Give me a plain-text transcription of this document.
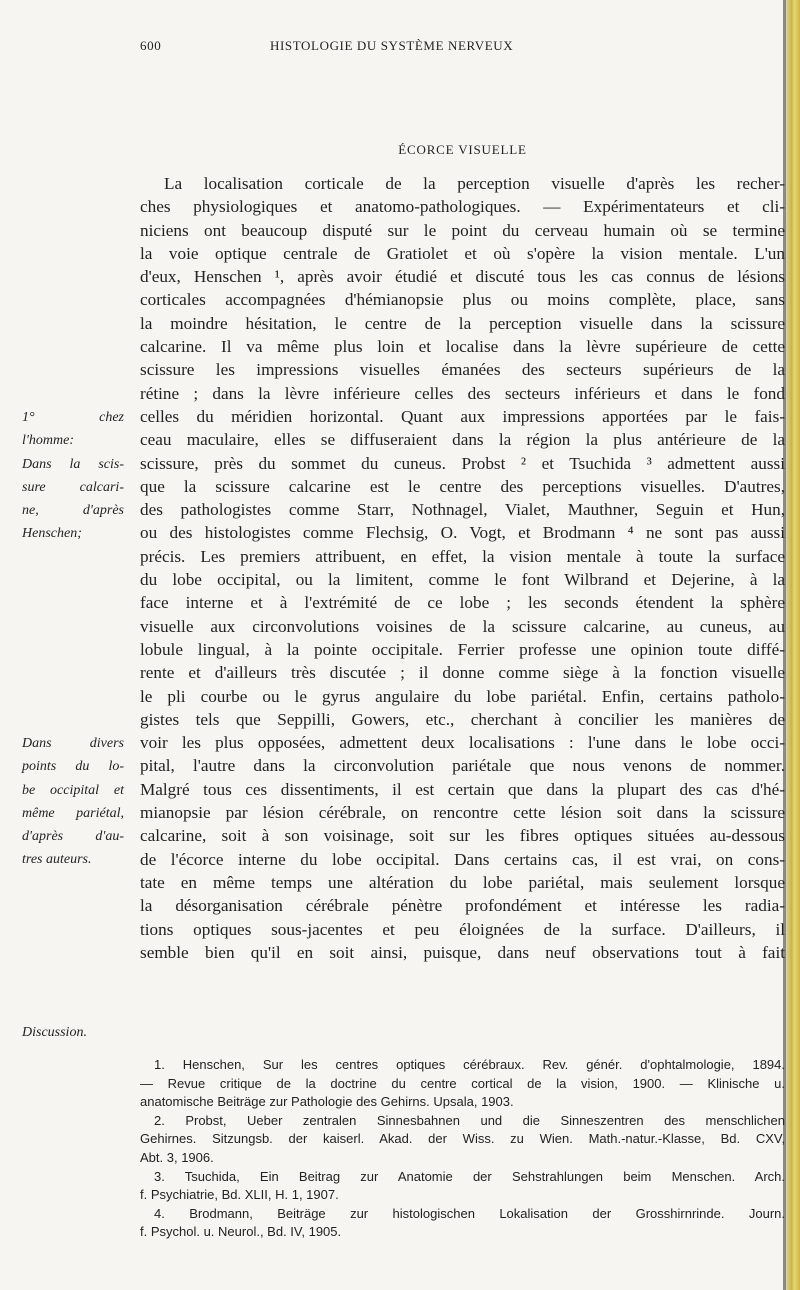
600	HISTOLOGIE DU SYSTÈME NERVEUX
ÉCORCE VISUELLE
1° chez
l'homme:
Dans la scis-
sure calcari-
ne, d'après
Henschen;
Dans divers
points du lo-
be occipital et
même pariétal,
d'après d'au-
tres auteurs.
Discussion.
La localisation corticale de la perception visuelle d'après les recher-
ches physiologiques et anatomo-pathologiques. — Expérimentateurs et cli-
niciens ont beaucoup disputé sur le point du cerveau humain où se termine
la voie optique centrale de Gratiolet et où s'opère la vision mentale. L'un
d'eux, Henschen ¹, après avoir étudié et discuté tous les cas connus de lésions
corticales accompagnées d'hémianopsie plus ou moins complète, place, sans
la moindre hésitation, le centre de la perception visuelle dans la scissure
calcarine. Il va même plus loin et localise dans la lèvre supérieure de cette
scissure les impressions visuelles émanées des secteurs supérieurs de la
rétine ; dans la lèvre inférieure celles des secteurs inférieurs et dans le fond
celles du méridien horizontal. Quant aux impressions apportées par le fais-
ceau maculaire, elles se diffuseraient dans la région la plus antérieure de la
scissure, près du sommet du cuneus. Probst ² et Tsuchida ³ admettent aussi
que la scissure calcarine est le centre des perceptions visuelles. D'autres,
des pathologistes comme Starr, Nothnagel, Vialet, Mauthner, Seguin et Hun,
ou des histologistes comme Flechsig, O. Vogt, et Brodmann ⁴ ne sont pas aussi
précis. Les premiers attribuent, en effet, la vision mentale à toute la surface
du lobe occipital, ou la limitent, comme le font Wilbrand et Dejerine, à la
face interne et à l'extrémité de ce lobe ; les seconds étendent la sphère
visuelle aux circonvolutions voisines de la scissure calcarine, au cuneus, au
lobule lingual, à la pointe occipitale. Ferrier professe une opinion toute diffé-
rente et d'ailleurs très discutée ; il donne comme siège à la fonction visuelle
le pli courbe ou le gyrus angulaire du lobe pariétal. Enfin, certains patholo-
gistes tels que Seppilli, Gowers, etc., cherchant à concilier les manières de
voir les plus opposées, admettent deux localisations : l'une dans le lobe occi-
pital, l'autre dans la circonvolution pariétale que nous venons de nommer.
Malgré tous ces dissentiments, il est certain que dans la plupart des cas d'hé-
mianopsie par lésion cérébrale, on rencontre cette lésion soit dans la scissure
calcarine, soit à son voisinage, soit sur les fibres optiques situées au-dessous
de l'écorce interne du lobe occipital. Dans certains cas, il est vrai, on cons-
tate en même temps une altération du lobe pariétal, mais seulement lorsque
la désorganisation cérébrale pénètre profondément et intéresse les radia-
tions optiques sous-jacentes et peu éloignées de la surface. D'ailleurs, il
semble bien qu'il en soit ainsi, puisque, dans neuf observations tout à fait
1. Henschen, Sur les centres optiques cérébraux. Rev. génér. d'ophtalmologie, 1894.
— Revue critique de la doctrine du centre cortical de la vision, 1900. — Klinische u.
anatomische Beiträge zur Pathologie des Gehirns. Upsala, 1903.
2. Probst, Ueber zentralen Sinnesbahnen und die Sinneszentren des menschlichen
Gehirnes. Sitzungsb. der kaiserl. Akad. der Wiss. zu Wien. Math.-natur.-Klasse, Bd. CXV,
Abt. 3, 1906.
3. Tsuchida, Ein Beitrag zur Anatomie der Sehstrahlungen beim Menschen. Arch.
f. Psychiatrie, Bd. XLII, H. 1, 1907.
4. Brodmann, Beiträge zur histologischen Lokalisation der Grosshirnrinde. Journ.
f. Psychol. u. Neurol., Bd. IV, 1905.
